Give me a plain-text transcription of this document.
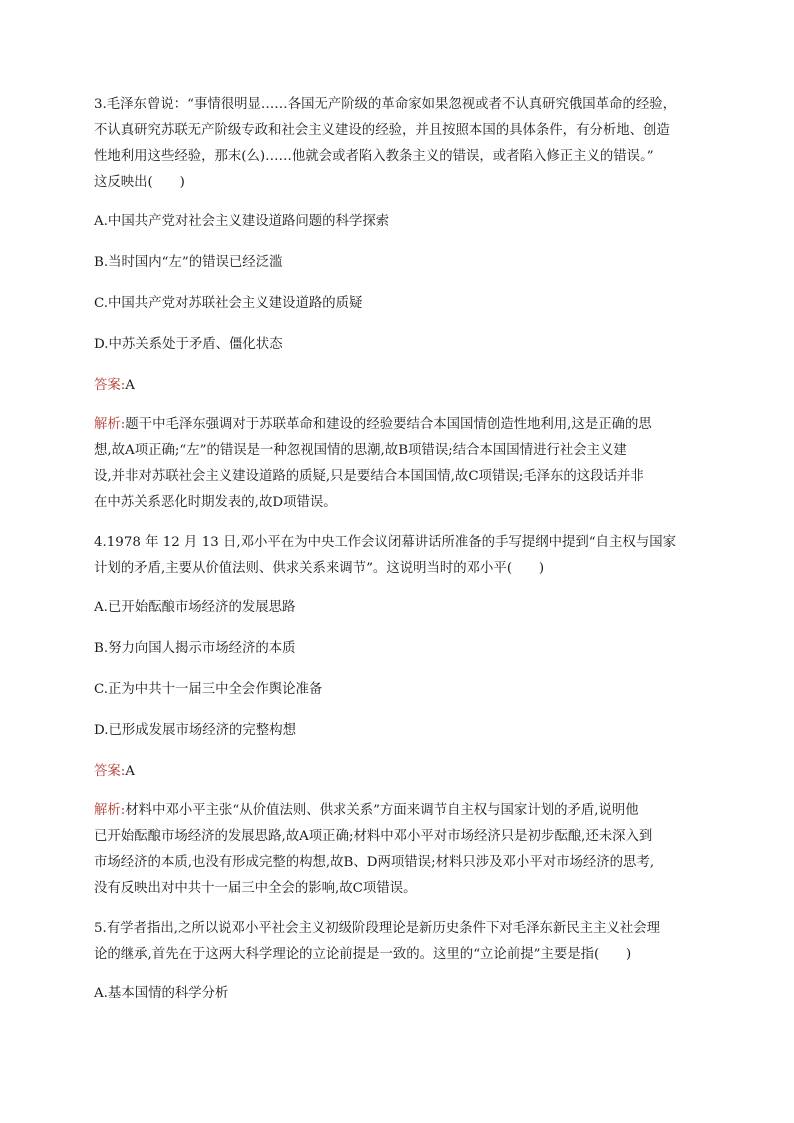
3.毛泽东曾说：“事情很明显……各国无产阶级的革命家如果忽视或者不认真研究俄国革命的经验，
不认真研究苏联无产阶级专政和社会主义建设的经验，并且按照本国的具体条件，有分析地、创造
性地利用这些经验，那末(么)……他就会或者陷入教条主义的错误，或者陷入修正主义的错误。”
这反映出(　　)

A.中国共产党对社会主义建设道路问题的科学探索

B.当时国内“左”的错误已经泛滥

C.中国共产党对苏联社会主义建设道路的质疑

D.中苏关系处于矛盾、僵化状态

答案:A

解析:题干中毛泽东强调对于苏联革命和建设的经验要结合本国国情创造性地利用,这是正确的思
想,故A项正确;“左”的错误是一种忽视国情的思潮,故B项错误;结合本国国情进行社会主义建
设,并非对苏联社会主义建设道路的质疑,只是要结合本国国情,故C项错误;毛泽东的这段话并非
在中苏关系恶化时期发表的,故D项错误。

4.1978 年 12 月 13 日,邓小平在为中央工作会议闭幕讲话所准备的手写提纲中提到“自主权与国家
计划的矛盾,主要从价值法则、供求关系来调节”。这说明当时的邓小平(　　)

A.已开始酝酿市场经济的发展思路

B.努力向国人揭示市场经济的本质

C.正为中共十一届三中全会作舆论准备

D.已形成发展市场经济的完整构想

答案:A

解析:材料中邓小平主张“从价值法则、供求关系”方面来调节自主权与国家计划的矛盾,说明他
已开始酝酿市场经济的发展思路,故A项正确;材料中邓小平对市场经济只是初步酝酿,还未深入到
市场经济的本质,也没有形成完整的构想,故B、D两项错误;材料只涉及邓小平对市场经济的思考,
没有反映出对中共十一届三中全会的影响,故C项错误。

5.有学者指出,之所以说邓小平社会主义初级阶段理论是新历史条件下对毛泽东新民主主义社会理
论的继承,首先在于这两大科学理论的立论前提是一致的。这里的“立论前提”主要是指(　　)

A.基本国情的科学分析
